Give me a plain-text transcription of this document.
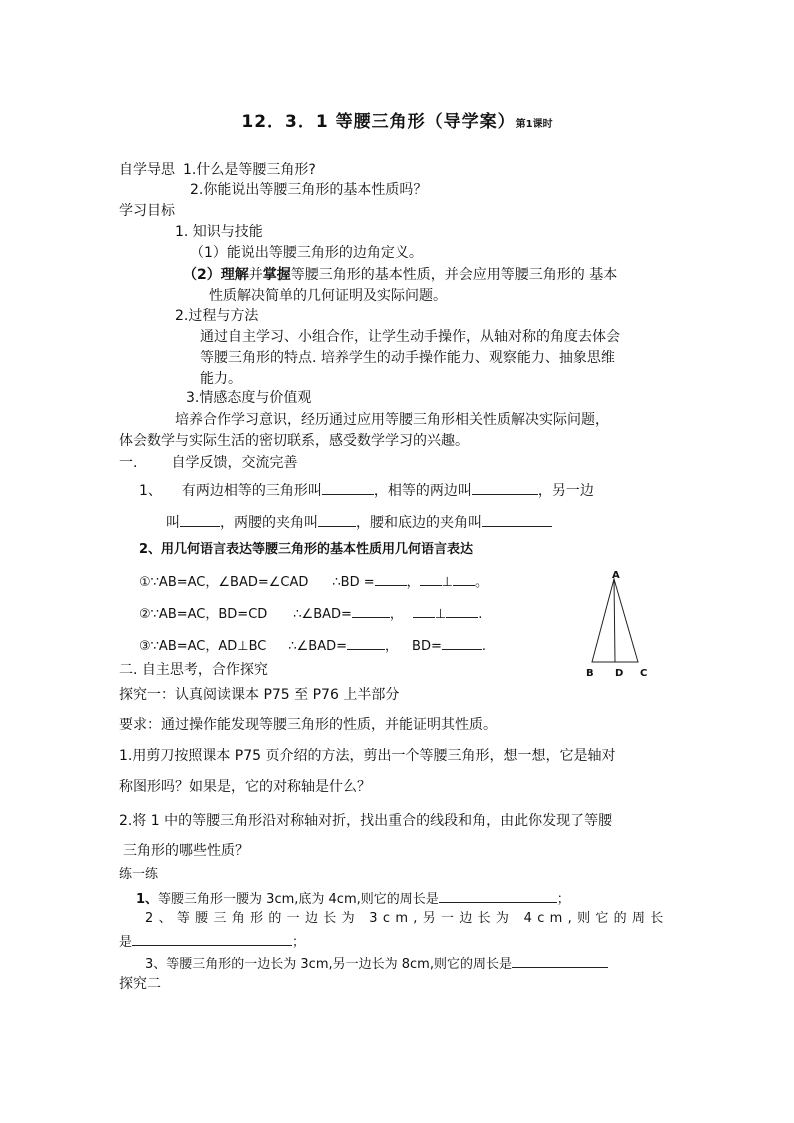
12．3．1 等腰三角形（导学案）第1课时
自学导思 1.什么是等腰三角形?
2.你能说出等腰三角形的基本性质吗？
学习目标
1. 知识与技能
（1）能说出等腰三角形的边角定义。
（2）理解并掌握等腰三角形的基本性质，并会应用等腰三角形的 基本
性质解决简单的几何证明及实际问题。
2.过程与方法
通过自主学习、小组合作，让学生动手操作，从轴对称的角度去体会
等腰三角形的特点. 培养学生的动手操作能力、观察能力、抽象思维
能力。
3.情感态度与价值观
培养合作学习意识，经历通过应用等腰三角形相关性质解决实际问题，
体会数学与实际生活的密切联系，感受数学学习的兴趣。
一. 自学反馈，交流完善
1、 有两边相等的三角形叫	，相等的两边叫	，另一边
叫	，两腰的夹角叫	，腰和底边的夹角叫
2、用几何语言表达等腰三角形的基本性质用几何语言表达
①∵AB=AC，∠BAD=∠CAD ∴BD = ， ⊥ 。
②∵AB=AC，BD=CD ∴∠BAD=	， ⊥ .
③∵AB=AC，AD⊥BC ∴∠BAD=	， BD=	.
A
B D C
二. 自主思考，合作探究
探究一：认真阅读课本 P75 至 P76 上半部分
要求：通过操作能发现等腰三角形的性质，并能证明其性质。
1.用剪刀按照课本 P75 页介绍的方法，剪出一个等腰三角形，想一想，它是轴对
称图形吗？如果是，它的对称轴是什么？
2.将 1 中的等腰三角形沿对称轴对折，找出重合的线段和角，由此你发现了等腰
三角形的哪些性质？
练一练
1、等腰三角形一腰为 3cm,底为 4cm,则它的周长是	；
2、等腰三角形的一边长为 3cm,另一边长为 4cm,则它的周长
是	；
3、等腰三角形的一边长为 3cm,另一边长为 8cm,则它的周长是
探究二
